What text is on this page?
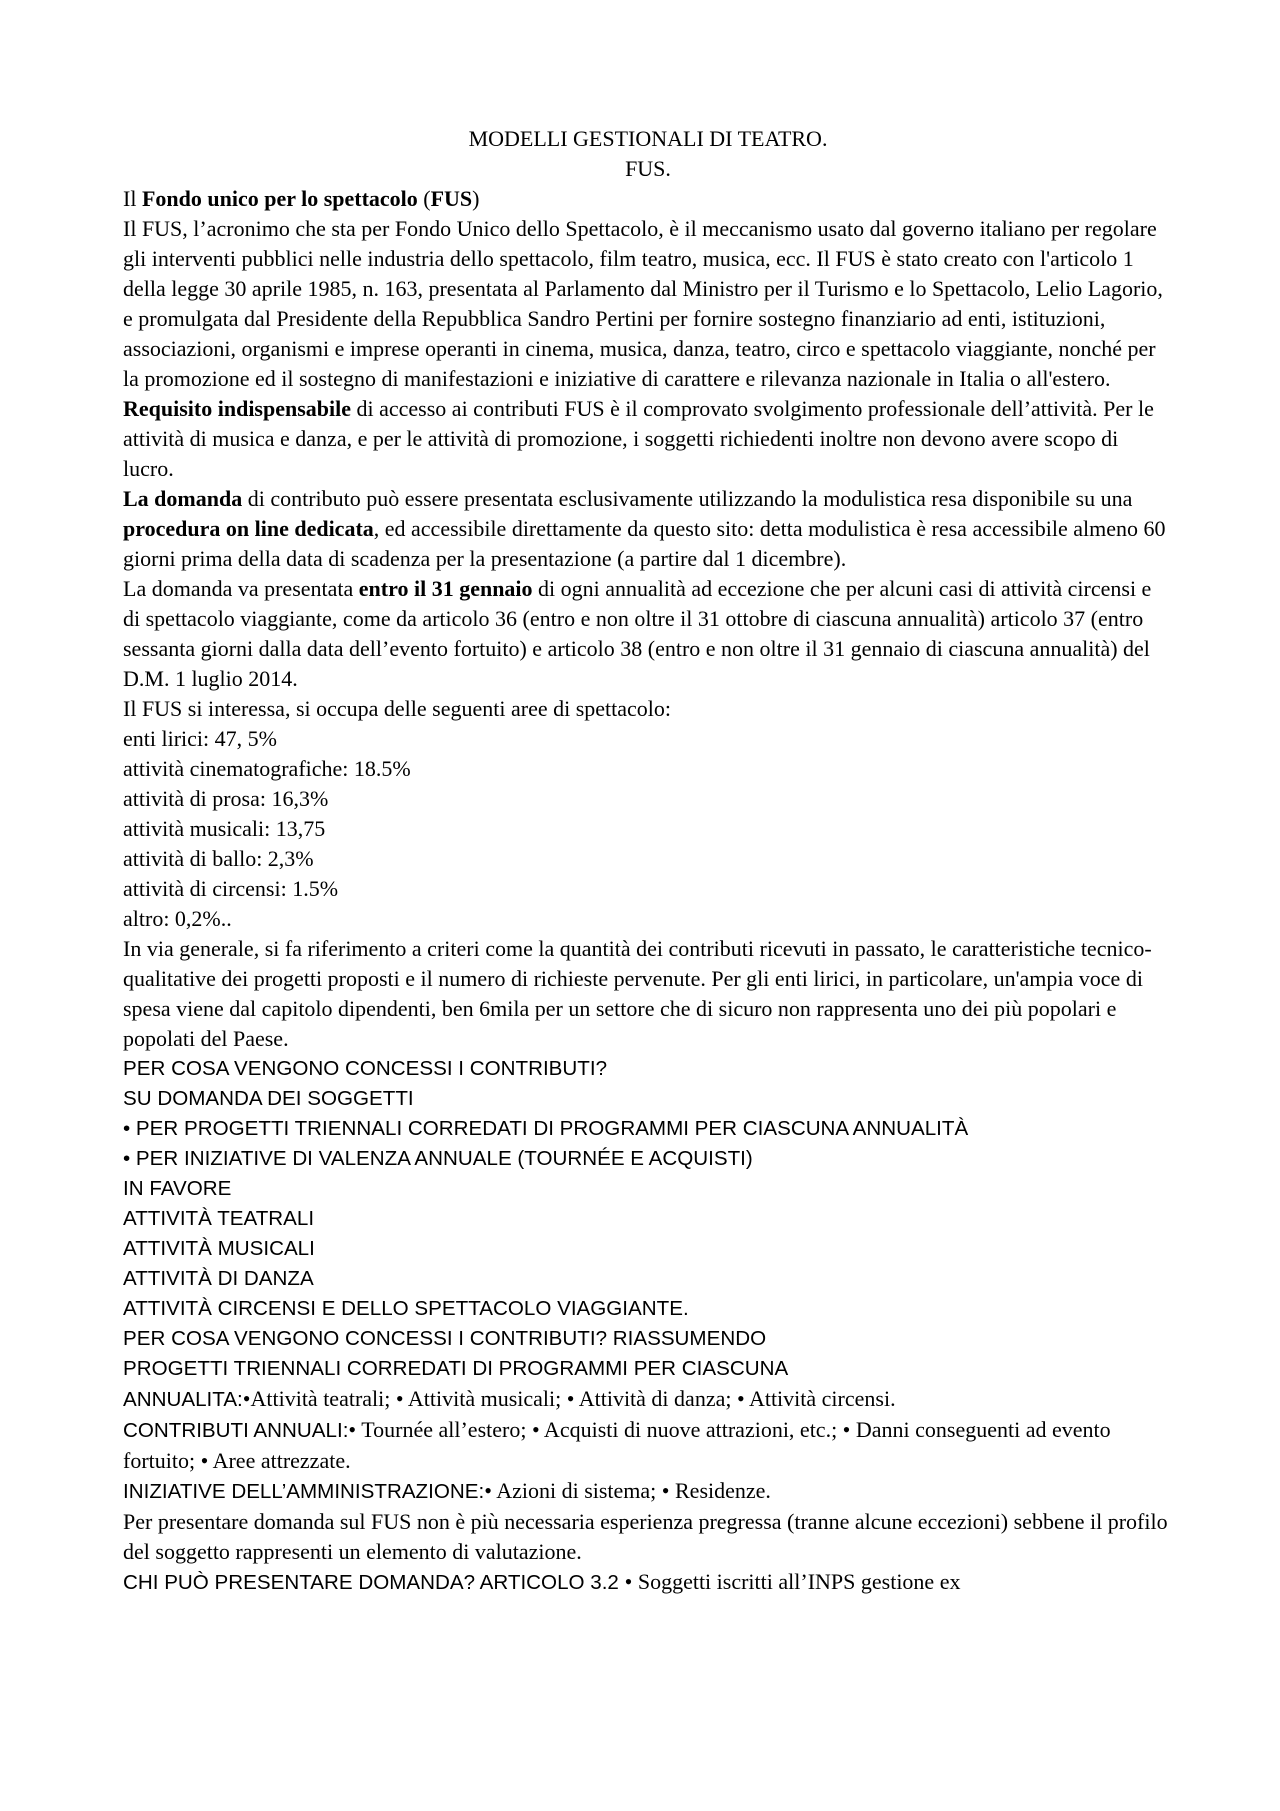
MODELLI GESTIONALI DI TEATRO.

FUS.

Il Fondo unico per lo spettacolo (FUS)

Il FUS, l’acronimo che sta per Fondo Unico dello Spettacolo, è il meccanismo usato dal governo italiano per regolare gli interventi pubblici nelle industria dello spettacolo, film teatro, musica, ecc. Il FUS è stato creato con l'articolo 1 della legge 30 aprile 1985, n. 163, presentata al Parlamento dal Ministro per il Turismo e lo Spettacolo, Lelio Lagorio, e promulgata dal Presidente della Repubblica Sandro Pertini per fornire sostegno finanziario ad enti, istituzioni, associazioni, organismi e imprese operanti in cinema, musica, danza, teatro, circo e spettacolo viaggiante, nonché per la promozione ed il sostegno di manifestazioni e iniziative di carattere e rilevanza nazionale in Italia o all'estero.

Requisito indispensabile di accesso ai contributi FUS è il comprovato svolgimento professionale dell’attività. Per le attività di musica e danza, e per le attività di promozione, i soggetti richiedenti inoltre non devono avere scopo di lucro.

La domanda di contributo può essere presentata esclusivamente utilizzando la modulistica resa disponibile su una procedura on line dedicata, ed accessibile direttamente da questo sito: detta modulistica è resa accessibile almeno 60 giorni prima della data di scadenza per la presentazione (a partire dal 1 dicembre).

La domanda va presentata entro il 31 gennaio di ogni annualità ad eccezione che per alcuni casi di attività circensi e di spettacolo viaggiante, come da articolo 36 (entro e non oltre il 31 ottobre di ciascuna annualità) articolo 37 (entro sessanta giorni dalla data dell’evento fortuito) e articolo 38 (entro e non oltre il 31 gennaio di ciascuna annualità) del D.M. 1 luglio 2014.

Il FUS si interessa, si occupa delle seguenti aree di spettacolo:

enti lirici: 47, 5%

attività cinematografiche: 18.5%

attività di prosa: 16,3%

attività musicali: 13,75

attività di ballo: 2,3%

attività di circensi: 1.5%

altro: 0,2%..

In via generale, si fa riferimento a criteri come la quantità dei contributi ricevuti in passato, le caratteristiche tecnico-qualitative dei progetti proposti e il numero di richieste pervenute. Per gli enti lirici, in particolare, un'ampia voce di spesa viene dal capitolo dipendenti, ben 6mila per un settore che di sicuro non rappresenta uno dei più popolari e popolati del Paese.

PER COSA VENGONO CONCESSI I CONTRIBUTI?

SU DOMANDA DEI SOGGETTI

• PER PROGETTI TRIENNALI CORREDATI DI PROGRAMMI PER CIASCUNA ANNUALITÀ

• PER INIZIATIVE DI VALENZA ANNUALE (TOURNÉE E ACQUISTI)

IN FAVORE

ATTIVITÀ TEATRALI

ATTIVITÀ MUSICALI

ATTIVITÀ DI DANZA

ATTIVITÀ CIRCENSI E DELLO SPETTACOLO VIAGGIANTE.

PER COSA VENGONO CONCESSI I CONTRIBUTI? RIASSUMENDO

PROGETTI TRIENNALI CORREDATI DI PROGRAMMI PER CIASCUNA

ANNUALITA:•Attività teatrali; • Attività musicali; • Attività di danza; • Attività circensi.

CONTRIBUTI ANNUALI:• Tournée all’estero; • Acquisti di nuove attrazioni, etc.; • Danni conseguenti ad evento fortuito; • Aree attrezzate.

INIZIATIVE DELL’AMMINISTRAZIONE:• Azioni di sistema; • Residenze.

Per presentare domanda sul FUS non è più necessaria esperienza pregressa (tranne alcune eccezioni) sebbene il profilo del soggetto rappresenti un elemento di valutazione.

CHI PUÒ PRESENTARE DOMANDA? ARTICOLO 3.2 • Soggetti iscritti all’INPS gestione ex
